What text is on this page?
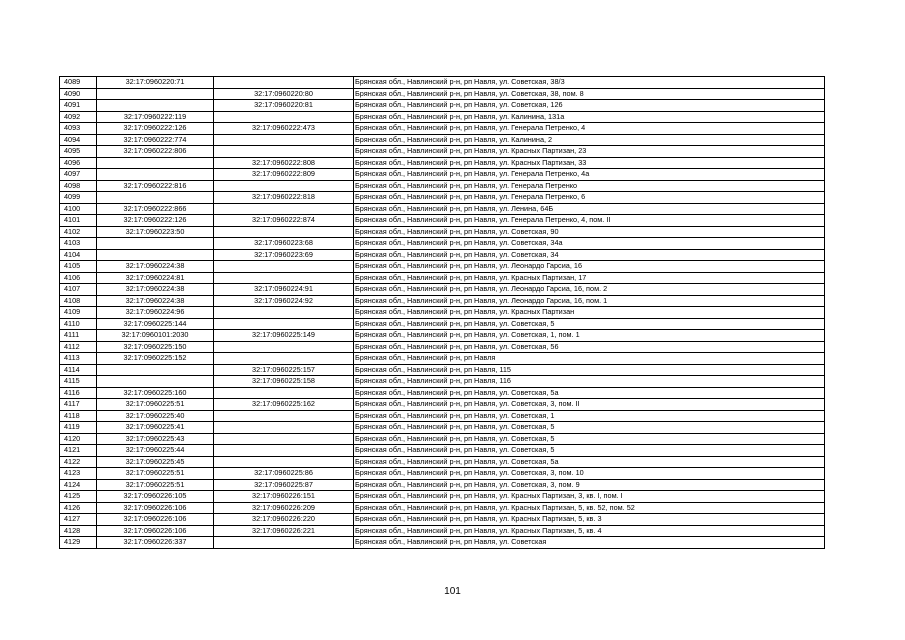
4089	32:17:0960220:71		Брянская обл., Навлинский р-н, рп Навля, ул. Советская, 38/3
4090		32:17:0960220:80	Брянская обл., Навлинский р-н, рп Навля, ул. Советская, 38, пом. 8
4091		32:17:0960220:81	Брянская обл., Навлинский р-н, рп Навля, ул. Советская, 126
4092	32:17:0960222:119		Брянская обл., Навлинский р-н, рп Навля, ул. Калинина, 131а
4093	32:17:0960222:126	32:17:0960222:473	Брянская обл., Навлинский р-н, рп Навля, ул. Генерала Петренко, 4
4094	32:17:0960222:774		Брянская обл., Навлинский р-н, рп Навля, ул. Калинина, 2
4095	32:17:0960222:806		Брянская обл., Навлинский р-н, рп Навля, ул. Красных Партизан, 23
4096		32:17:0960222:808	Брянская обл., Навлинский р-н, рп Навля, ул. Красных Партизан, 33
4097		32:17:0960222:809	Брянская обл., Навлинский р-н, рп Навля, ул. Генерала Петренко, 4а
4098	32:17:0960222:816		Брянская обл., Навлинский р-н, рп Навля, ул. Генерала Петренко
4099		32:17:0960222:818	Брянская обл., Навлинский р-н, рп Навля, ул. Генерала Петренко, 6
4100	32:17:0960222:866		Брянская обл., Навлинский р-н, рп Навля, ул. Ленина, 64Б
4101	32:17:0960222:126	32:17:0960222:874	Брянская обл., Навлинский р-н, рп Навля, ул. Генерала Петренко, 4, пом. II
4102	32:17:0960223:50		Брянская обл., Навлинский р-н, рп Навля, ул. Советская, 90
4103		32:17:0960223:68	Брянская обл., Навлинский р-н, рп Навля, ул. Советская, 34а
4104		32:17:0960223:69	Брянская обл., Навлинский р-н, рп Навля, ул. Советская, 34
4105	32:17:0960224:38		Брянская обл., Навлинский р-н, рп Навля, ул. Леонардо Гарсиа, 16
4106	32:17:0960224:81		Брянская обл., Навлинский р-н, рп Навля, ул. Красных Партизан, 17
4107	32:17:0960224:38	32:17:0960224:91	Брянская обл., Навлинский р-н, рп Навля, ул. Леонардо Гарсиа, 16, пом. 2
4108	32:17:0960224:38	32:17:0960224:92	Брянская обл., Навлинский р-н, рп Навля, ул. Леонардо Гарсиа, 16, пом. 1
4109	32:17:0960224:96		Брянская обл., Навлинский р-н, рп Навля, ул. Красных Партизан
4110	32:17:0960225:144		Брянская обл., Навлинский р-н, рп Навля, ул. Советская, 5
4111	32:17:0960101:2030	32:17:0960225:149	Брянская обл., Навлинский р-н, рп Навля, ул. Советская, 1, пом. 1
4112	32:17:0960225:150		Брянская обл., Навлинский р-н, рп Навля, ул. Советская, 56
4113	32:17:0960225:152		Брянская обл., Навлинский р-н, рп Навля
4114		32:17:0960225:157	Брянская обл., Навлинский р-н, рп Навля, 115
4115		32:17:0960225:158	Брянская обл., Навлинский р-н, рп Навля, 116
4116	32:17:0960225:160		Брянская обл., Навлинский р-н, рп Навля, ул. Советская, 5а
4117	32:17:0960225:51	32:17:0960225:162	Брянская обл., Навлинский р-н, рп Навля, ул. Советская, 3, пом. II
4118	32:17:0960225:40		Брянская обл., Навлинский р-н, рп Навля, ул. Советская, 1
4119	32:17:0960225:41		Брянская обл., Навлинский р-н, рп Навля, ул. Советская, 5
4120	32:17:0960225:43		Брянская обл., Навлинский р-н, рп Навля, ул. Советская, 5
4121	32:17:0960225:44		Брянская обл., Навлинский р-н, рп Навля, ул. Советская, 5
4122	32:17:0960225:45		Брянская обл., Навлинский р-н, рп Навля, ул. Советская, 5а
4123	32:17:0960225:51	32:17:0960225:86	Брянская обл., Навлинский р-н, рп Навля, ул. Советская, 3, пом. 10
4124	32:17:0960225:51	32:17:0960225:87	Брянская обл., Навлинский р-н, рп Навля, ул. Советская, 3, пом. 9
4125	32:17:0960226:105	32:17:0960226:151	Брянская обл., Навлинский р-н, рп Навля, ул. Красных Партизан, 3, кв. I, пом. I
4126	32:17:0960226:106	32:17:0960226:209	Брянская обл., Навлинский р-н, рп Навля, ул. Красных Партизан, 5, кв. 52, пом. 52
4127	32:17:0960226:106	32:17:0960226:220	Брянская обл., Навлинский р-н, рп Навля, ул. Красных Партизан, 5, кв. 3
4128	32:17:0960226:106	32:17:0960226:221	Брянская обл., Навлинский р-н, рп Навля, ул. Красных Партизан, 5, кв. 4
4129	32:17:0960226:337		Брянская обл., Навлинский р-н, рп Навля, ул. Советская
101
